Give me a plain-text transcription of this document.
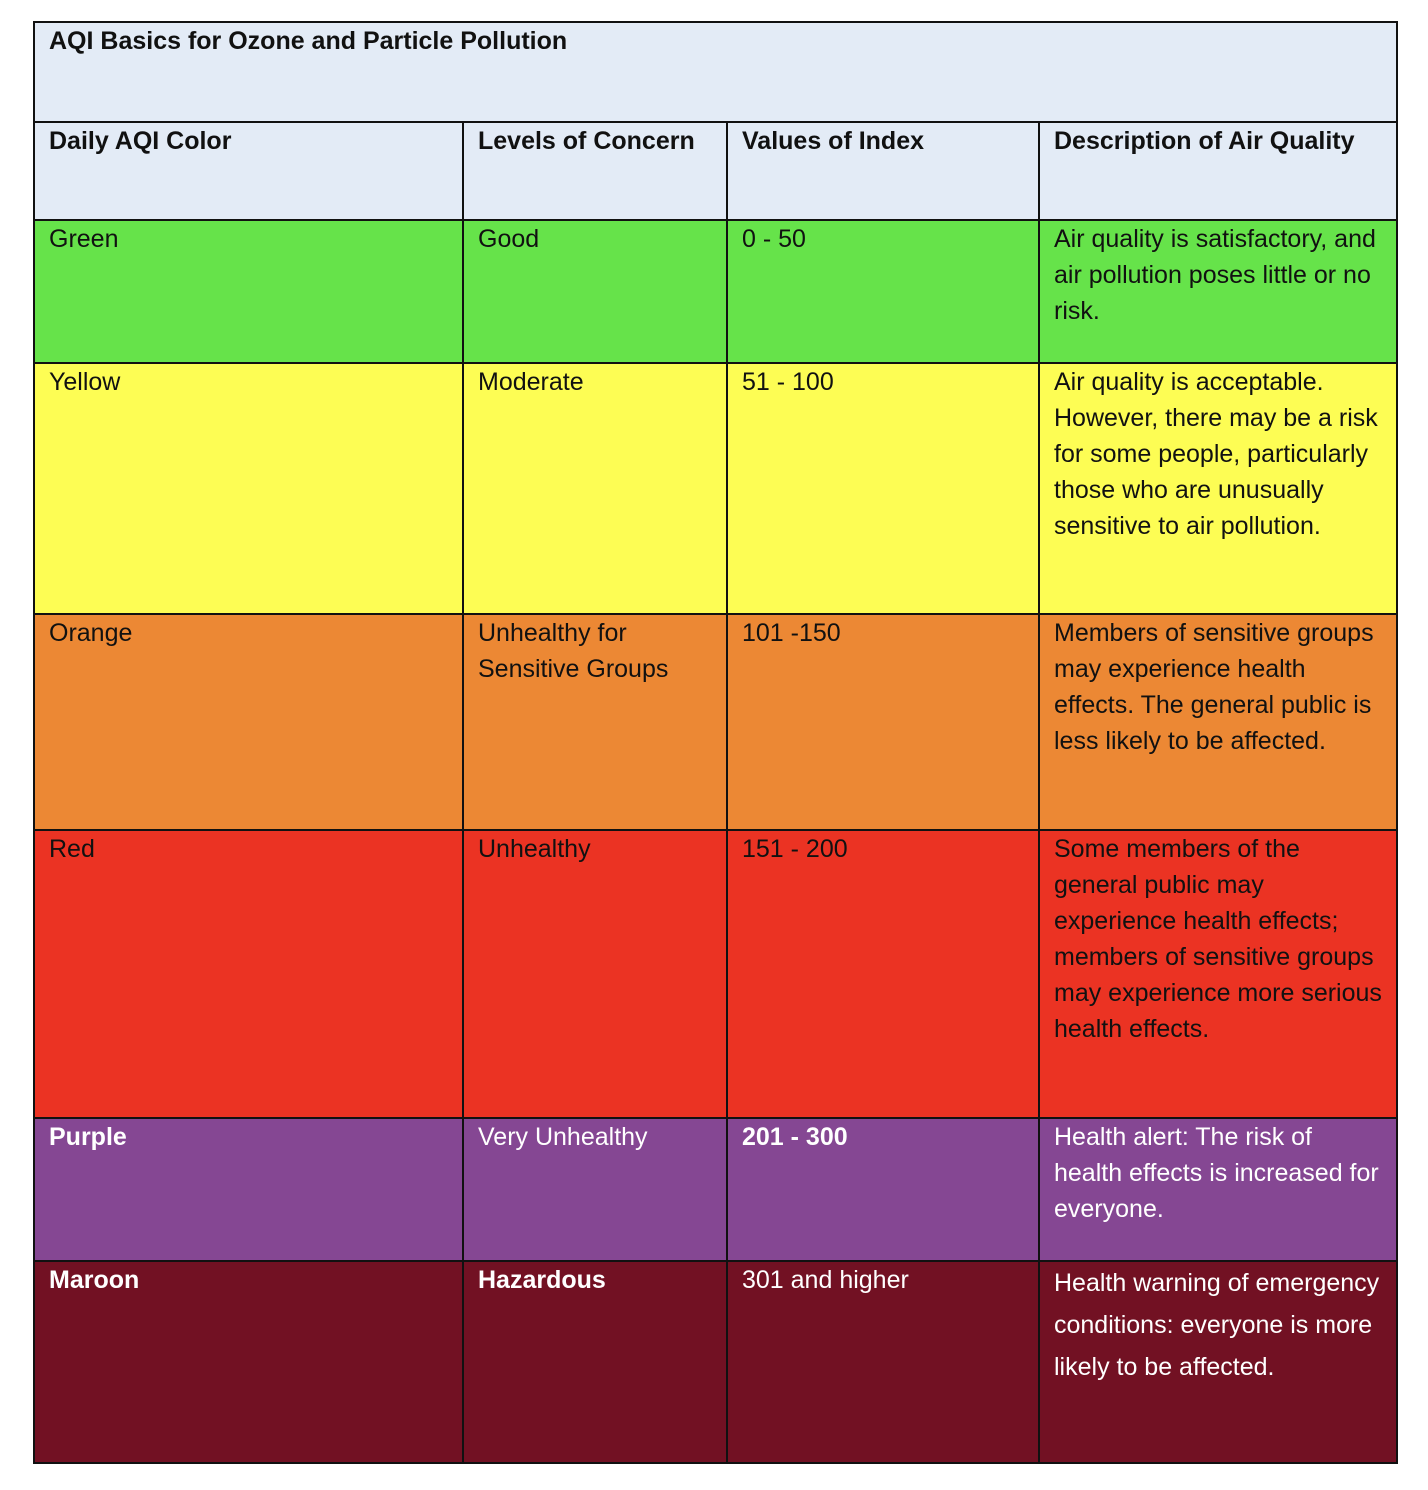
AQI Basics for Ozone and Particle Pollution			
Daily AQI Color	Levels of Concern	Values of Index	Description of Air Quality
Green	Good	0 - 50	Air quality is satisfactory, and air pollution poses little or no risk.
Yellow	Moderate	51 - 100	Air quality is acceptable. However, there may be a risk for some people, particularly those who are unusually sensitive to air pollution.
Orange	Unhealthy for Sensitive Groups	101 -150	Members of sensitive groups may experience health effects. The general public is less likely to be affected.
Red	Unhealthy	151 - 200	Some members of the general public may experience health effects; members of sensitive groups may experience more serious health effects.
Purple	Very Unhealthy	201 - 300	Health alert: The risk of health effects is increased for everyone.
Maroon	Hazardous	301 and higher	Health warning of emergency conditions: everyone is more likely to be affected.
